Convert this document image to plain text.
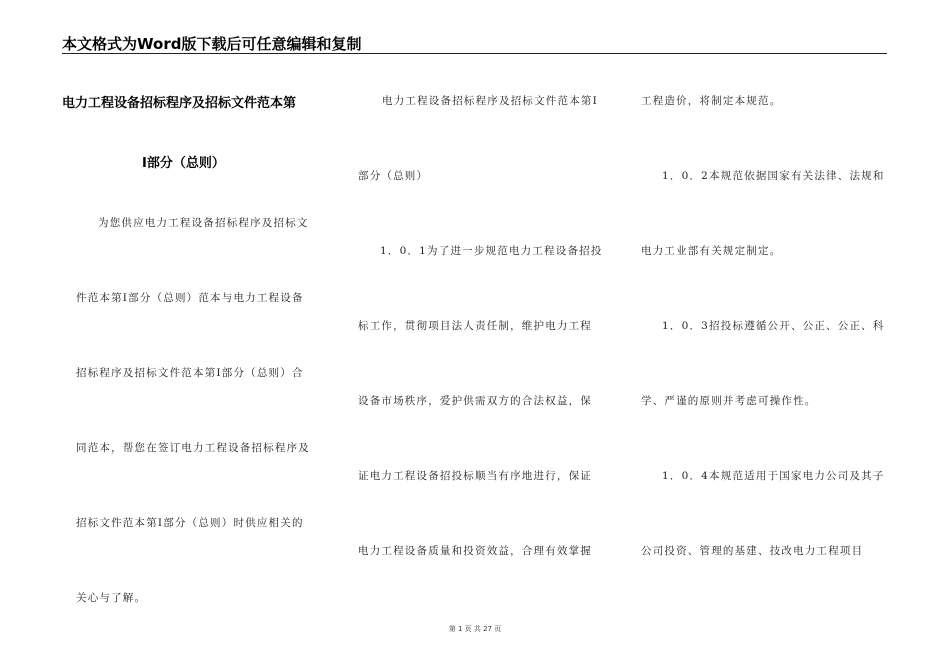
本文格式为Word版下载后可任意编辑和复制
电力工程设备招标程序及招标文件范本第
I部分（总则）
为您供应电力工程设备招标程序及招标文
件范本第I部分（总则）范本与电力工程设备
招标程序及招标文件范本第I部分（总则）合
同范本，帮您在签订电力工程设备招标程序及
招标文件范本第I部分（总则）时供应相关的
关心与了解。
电力工程设备招标程序及招标文件范本第I
部分（总则）
1．0．1为了进一步规范电力工程设备招投
标工作，贯彻项目法人责任制，维护电力工程
设备市场秩序，爱护供需双方的合法权益，保
证电力工程设备招投标顺当有序地进行，保证
电力工程设备质量和投资效益，合理有效掌握
工程造价，将制定本规范。
1．0．2本规范依据国家有关法律、法规和
电力工业部有关规定制定。
1．0．3招投标遵循公开、公正、公正、科
学、严谨的原则并考虑可操作性。
1．0．4本规范适用于国家电力公司及其子
公司投资、管理的基建、技改电力工程项目
第 1 页 共 27 页
